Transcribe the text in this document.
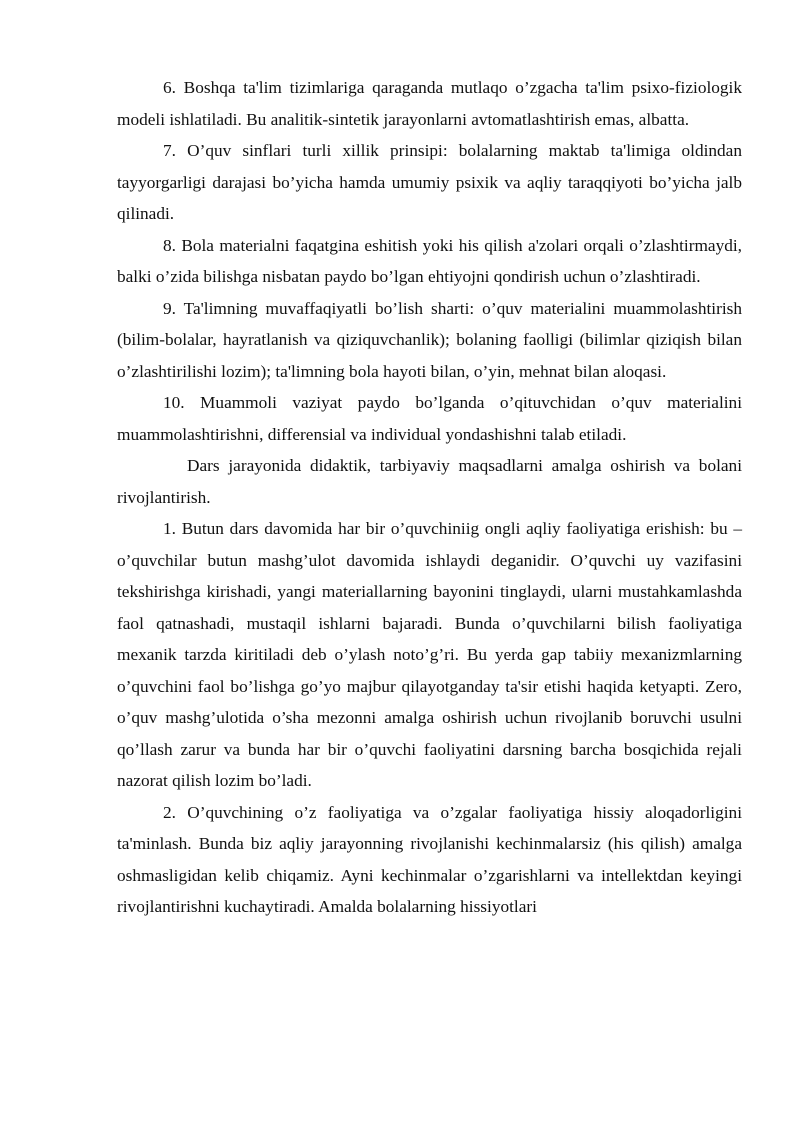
6. Boshqa ta'lim tizimlariga qaraganda mutlaqo o’zgacha ta'lim psixo-fiziologik modeli ishlatiladi. Bu analitik-sintetik jarayonlarni avtomatlashtirish emas, albatta.

7. O’quv sinflari turli xillik prinsipi: bolalarning maktab ta'limiga oldindan tayyorgarligi darajasi bo’yicha hamda umumiy psixik va aqliy taraqqiyoti bo’yicha jalb qilinadi.

8. Bola materialni faqatgina eshitish yoki his qilish a'zolari orqali o’zlashtirmaydi, balki o’zida bilishga nisbatan paydo bo’lgan ehtiyojni qondirish uchun o’zlashtiradi.

9. Ta'limning muvaffaqiyatli bo’lish sharti: o’quv materialini muammolashtirish (bilim-bolalar, hayratlanish va qiziquvchanlik); bolaning faolligi (bilimlar qiziqish bilan o’zlashtirilishi lozim); ta'limning bola hayoti bilan, o’yin, mehnat bilan aloqasi.

10. Muammoli vaziyat paydo bo’lganda o’qituvchidan o’quv materialini muammolashtirishni, differensial va individual yondashishni talab etiladi.

Dars jarayonida didaktik, tarbiyaviy maqsadlarni amalga oshirish va bolani rivojlantirish.

1. Butun dars davomida har bir o’quvchiniig ongli aqliy faoliyatiga erishish: bu – o’quvchilar butun mashg’ulot davomida ishlaydi deganidir. O’quvchi uy vazifasini tekshirishga kirishadi, yangi materiallarning bayonini tinglaydi, ularni mustahkamlashda faol qatnashadi, mustaqil ishlarni bajaradi. Bunda o’quvchilarni bilish faoliyatiga mexanik tarzda kiritiladi deb o’ylash noto’g’ri. Bu yerda gap tabiiy mexanizmlarning o’quvchini faol bo’lishga go’yo majbur qilayotganday ta'sir etishi haqida ketyapti. Zero, o’quv mashg’ulotida o’sha mezonni amalga oshirish uchun rivojlanib boruvchi usulni qo’llash zarur va bunda har bir o’quvchi faoliyatini darsning barcha bosqichida rejali nazorat qilish lozim bo’ladi.

2. O’quvchining o’z faoliyatiga va o’zgalar faoliyatiga hissiy aloqadorligini ta'minlash. Bunda biz aqliy jarayonning rivojlanishi kechinmalarsiz (his qilish) amalga oshmasligidan kelib chiqamiz. Ayni kechinmalar o’zgarishlarni va intellektdan keyingi rivojlantirishni kuchaytiradi. Amalda bolalarning hissiyotlari
